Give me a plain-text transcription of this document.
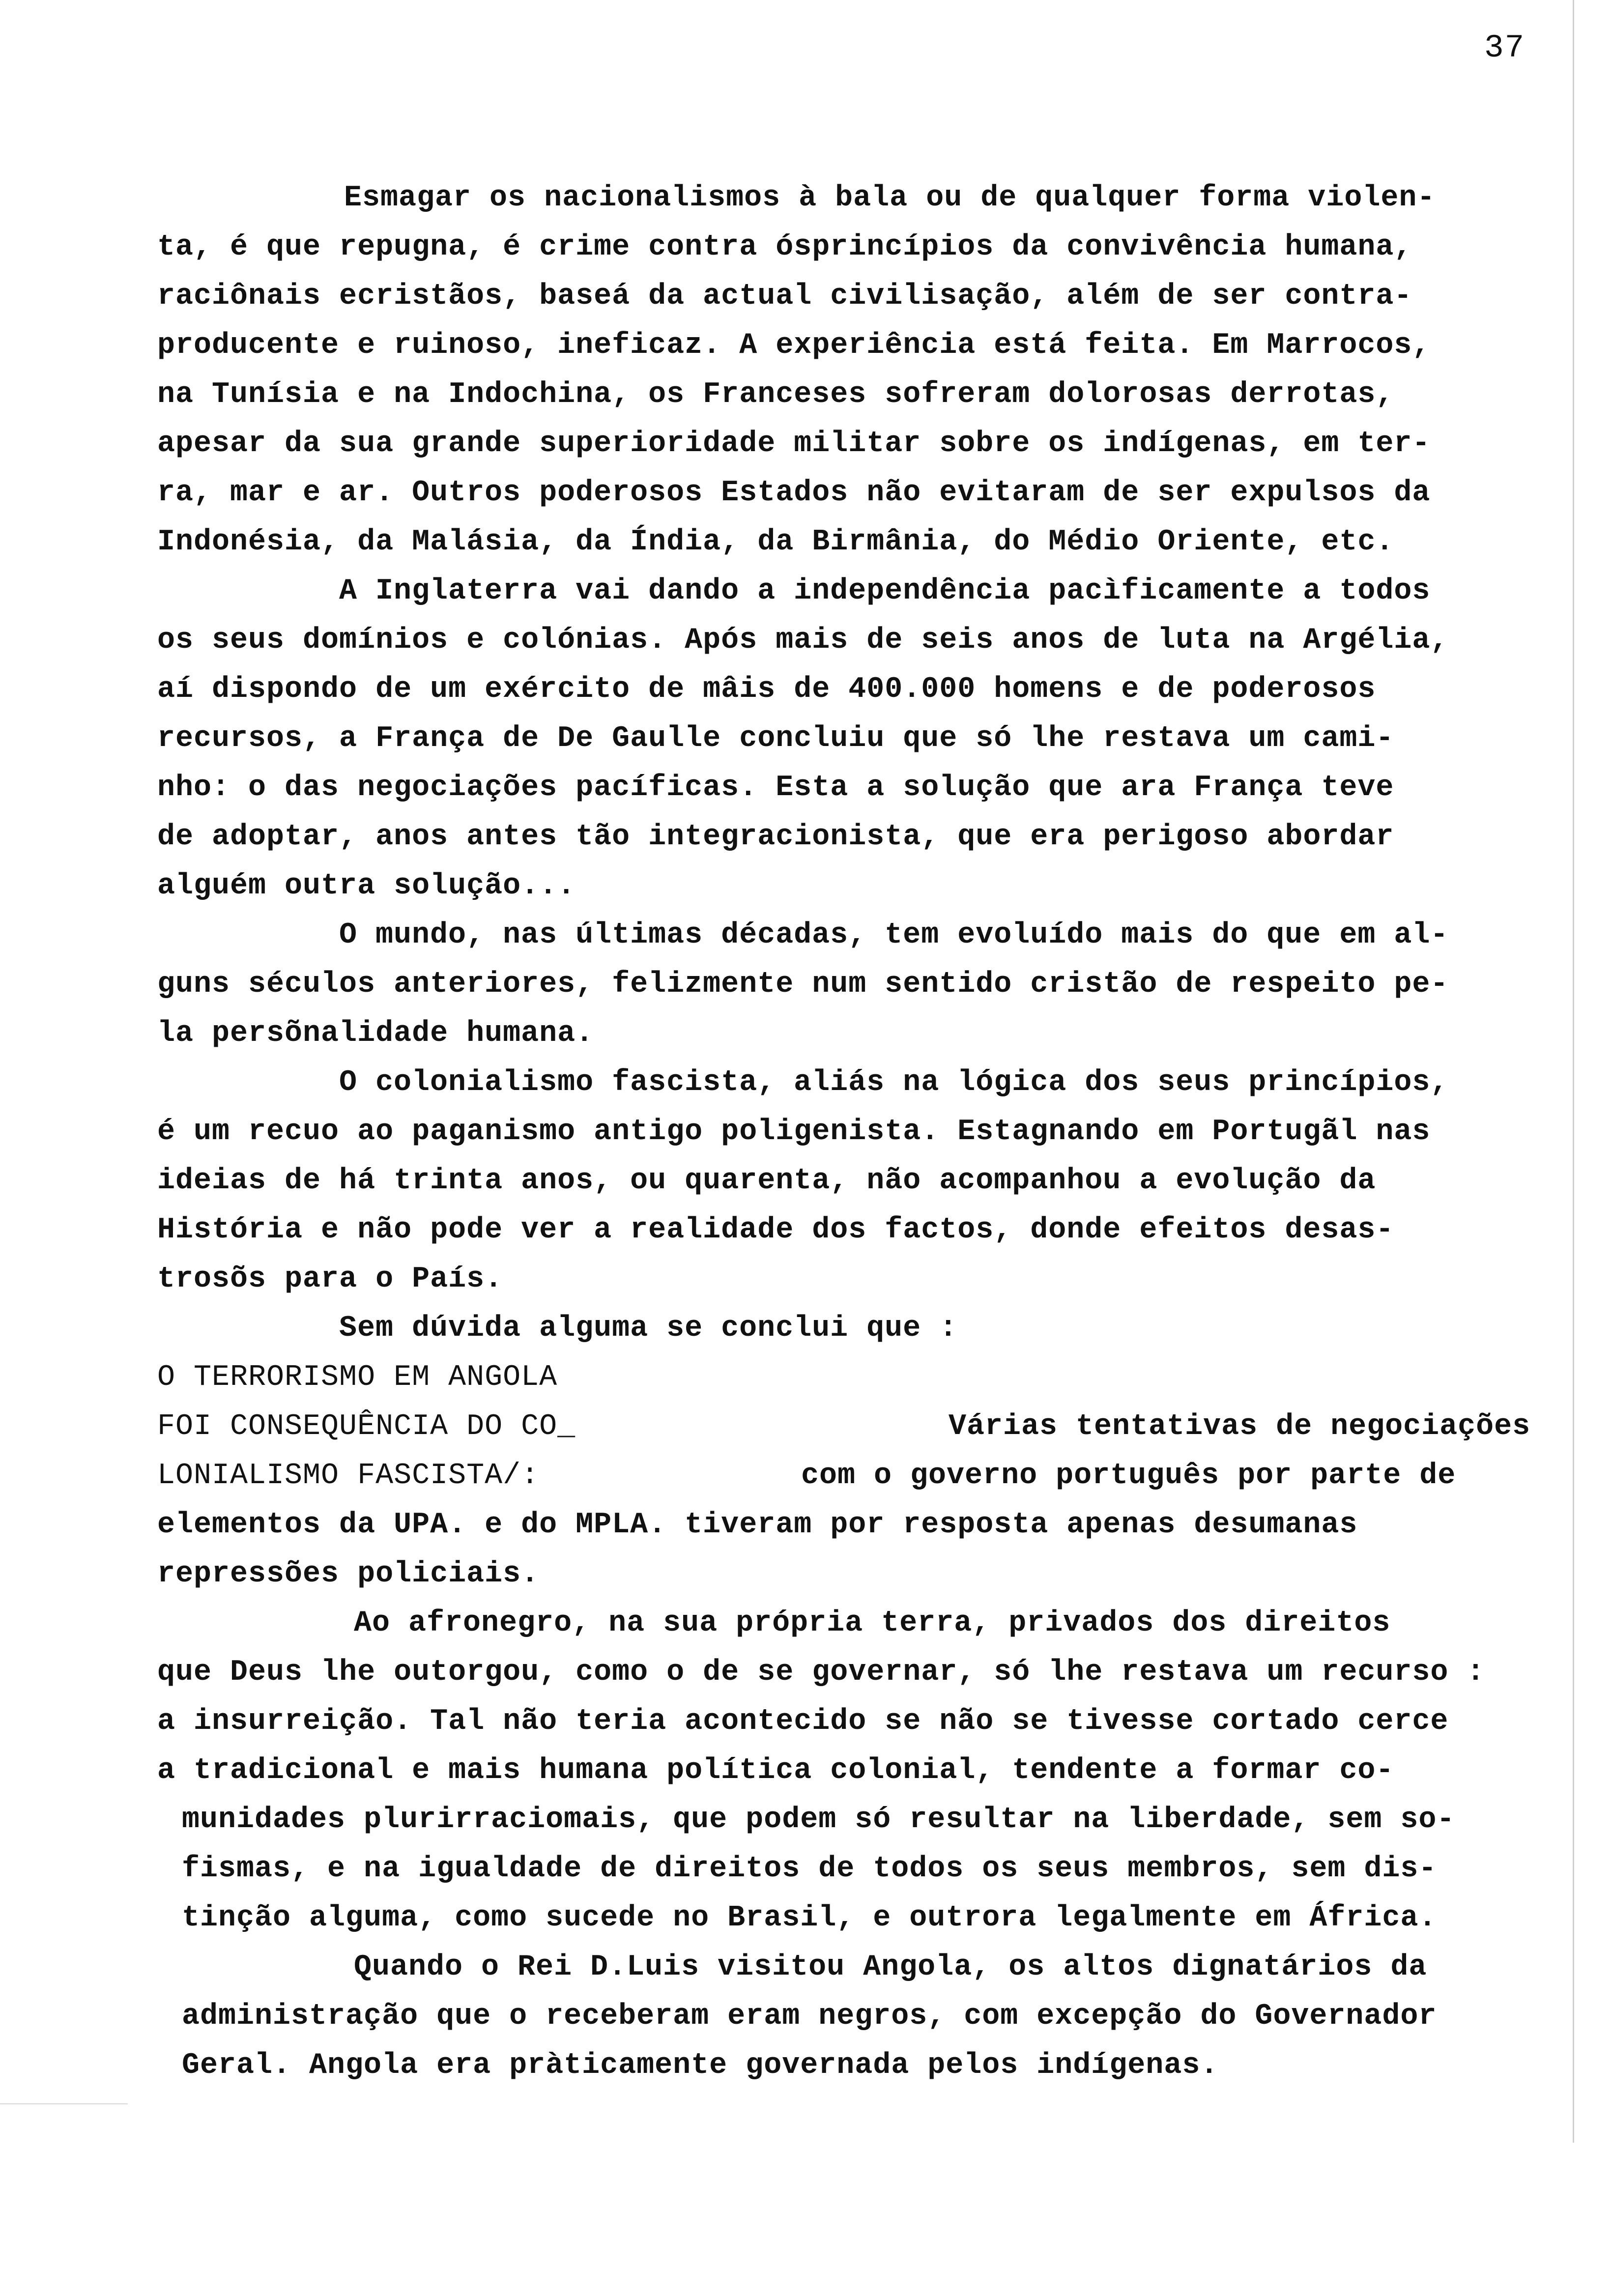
37
Esmagar os nacionalismos à bala ou de qualquer forma violen-
ta, é que repugna, é crime contra ósprincípios da convivência humana,
raciônais ecristãos, baseá da actual civilisação, além de ser contra-
producente e ruinoso, ineficaz. A experiência está feita. Em Marrocos,
na Tunísia e na Indochina, os Franceses sofreram dolorosas derrotas,
apesar da sua grande superioridade militar sobre os indígenas, em ter-
ra, mar e ar. Outros poderosos Estados não evitaram de ser expulsos da
Indonésia, da Malásia, da Índia, da Birmânia, do Médio Oriente, etc.
A Inglaterra vai dando a independência pacìficamente a todos
os seus domínios e colónias. Após mais de seis anos de luta na Argélia,
aí dispondo de um exército de mâis de 400.000 homens e de poderosos
recursos, a França de De Gaulle concluiu que só lhe restava um cami-
nho: o das negociações pacíficas. Esta a solução que ara França teve
de adoptar, anos antes tão integracionista, que era perigoso abordar
alguém outra solução...
O mundo, nas últimas décadas, tem evoluído mais do que em al-
guns séculos anteriores, felizmente num sentido cristão de respeito pe-
la persõnalidade humana.
O colonialismo fascista, aliás na lógica dos seus princípios,
é um recuo ao paganismo antigo poligenista. Estagnando em Portugãl nas
ideias de há trinta anos, ou quarenta, não acompanhou a evolução da
História e não pode ver a realidade dos factos, donde efeitos desas-
trosõs para o País.
Sem dúvida alguma se conclui que :
O TERRORISMO EM ANGOLA
FOI CONSEQUÊNCIA DO CO_
LONIALISMO FASCISTA/:
Várias tentativas de negociações
com o governo português por parte de
elementos da UPA. e do MPLA. tiveram por resposta apenas desumanas
repressões policiais.
Ao afronegro, na sua própria terra, privados dos direitos
que Deus lhe outorgou, como o de se governar, só lhe restava um recurso :
a insurreição. Tal não teria acontecido se não se tivesse cortado cerce
a tradicional e mais humana política colonial, tendente a formar co-
munidades plurirraciomais, que podem só resultar na liberdade, sem so-
fismas, e na igualdade de direitos de todos os seus membros, sem dis-
tinção alguma, como sucede no Brasil, e outrora legalmente em África.
Quando o Rei D.Luis visitou Angola, os altos dignatários da
administração que o receberam eram negros, com excepção do Governador
Geral. Angola era pràticamente governada pelos indígenas.
